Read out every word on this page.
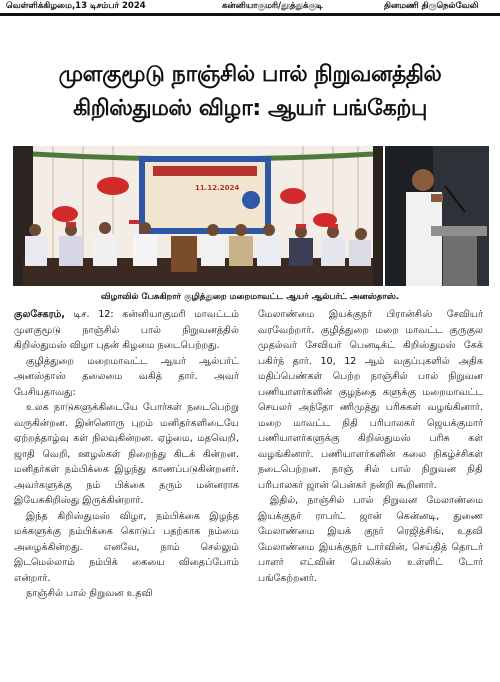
வெள்ளிக்கிழமை,13 டிசம்பர் 2024	கன்னியாகுமரி/தூத்துக்குடி	தினமணி திருநெல்வேலி
முளகுமூடு நாஞ்சில் பால் நிறுவனத்தில்
கிறிஸ்துமஸ் விழா: ஆயர் பங்கேற்பு
11.12.2024
விழாவில் பேசுகிறார் குழித்துறை மறைமாவட்ட ஆயர் ஆல்பர்ட் அனஸ்தாஸ்.

குலசேகரம், டிச. 12: கன்னியாகுமரி மாவட்டம் முளகுமூடு நாஞ்சில் பால் நிறுவனத்தில் கிறிஸ்துமஸ் விழா புதன் கிழமை நடைபெற்றது.

குழித்துறை மறைமாவட்ட ஆயர் ஆல்பர்ட் அனஸ்தாஸ் தலைமை வகித் தார். அவர் பேசியதாவது:

உலக நாடுகளுக்கிடையே போர்கள் நடைபெற்று வருகின்றன. இன்னொரு புறம் மனிதர்களிடையே ஏற்றத்தாழ்வு கள் நிலவுகின்றன. ஏழ்மை, மதவெறி, ஜாதி வெறி, ஊழல்கள் நிறைந்து கிடக் கின்றன. மனிதர்கள் நம்பிக்கை இழந்து காணப்படுகின்றனர். அவர்களுக்கு நம் பிக்கை தரும் மன்னராக இயேசுகிறிஸ்து இருக்கின்றார்.

இந்த கிறிஸ்துமஸ் விழா, நம்பிக்கை இழந்த மக்களுக்கு நம்பிக்கை கொடுப் பதற்காக நம்மை அழைக்கின்றது. எனவே, நாம் செல்லும் இடமெல்லாம் நம்பிக் கையை விதைப்போம் என்றார்.

நாஞ்சில் பால் நிறுவன உதவி

மேலாண்மை இயக்குநர் பிரான்சிஸ் சேவியர் வரவேற்றார். குழித்துறை மறை மாவட்ட குருகுல முதல்வர் சேவியர் பெனடிக்ட் கிறிஸ்துமஸ் கேக் பகிர்ந் தார். 10, 12 ஆம் வகுப்புகளில் அதிக மதிப்பெண்கள் பெற்ற நாஞ்சில் பால் நிறுவன பணியாளர்களின் குழந்தை களுக்கு மறைமாவட்ட செயலர் அந்தோ ணிமுத்து பரிசுகள் வழங்கினார். மறை மாவட்ட நிதி பரிபாலகர் ஜெயக்குமார் பணியாளர்களுக்கு கிறிஸ்துமஸ் பரிசு கள் வழங்கினார். பணியாளர்களின் கலை நிகழ்ச்சிகள் நடைபெற்றன. நாஞ் சில் பால் நிறுவன நிதி பரிபாலகர் ஜான் பென்கர் நன்றி கூறினார்.

இதில், நாஞ்சில் பால் நிறுவன மேலாண்மை இயக்குநர் ராபர்ட் ஜான் கென்னடி, துணை மேலாண்மை இயக் குநர் ரெஜித்சிங், உதவி மேலாண்மை இயக்குநர் டார்வின், செய்தித் தொடர் பாளர் எட்வின் பெலிக்ஸ் உள்ளிட் டோர் பங்கேற்றனர்.
